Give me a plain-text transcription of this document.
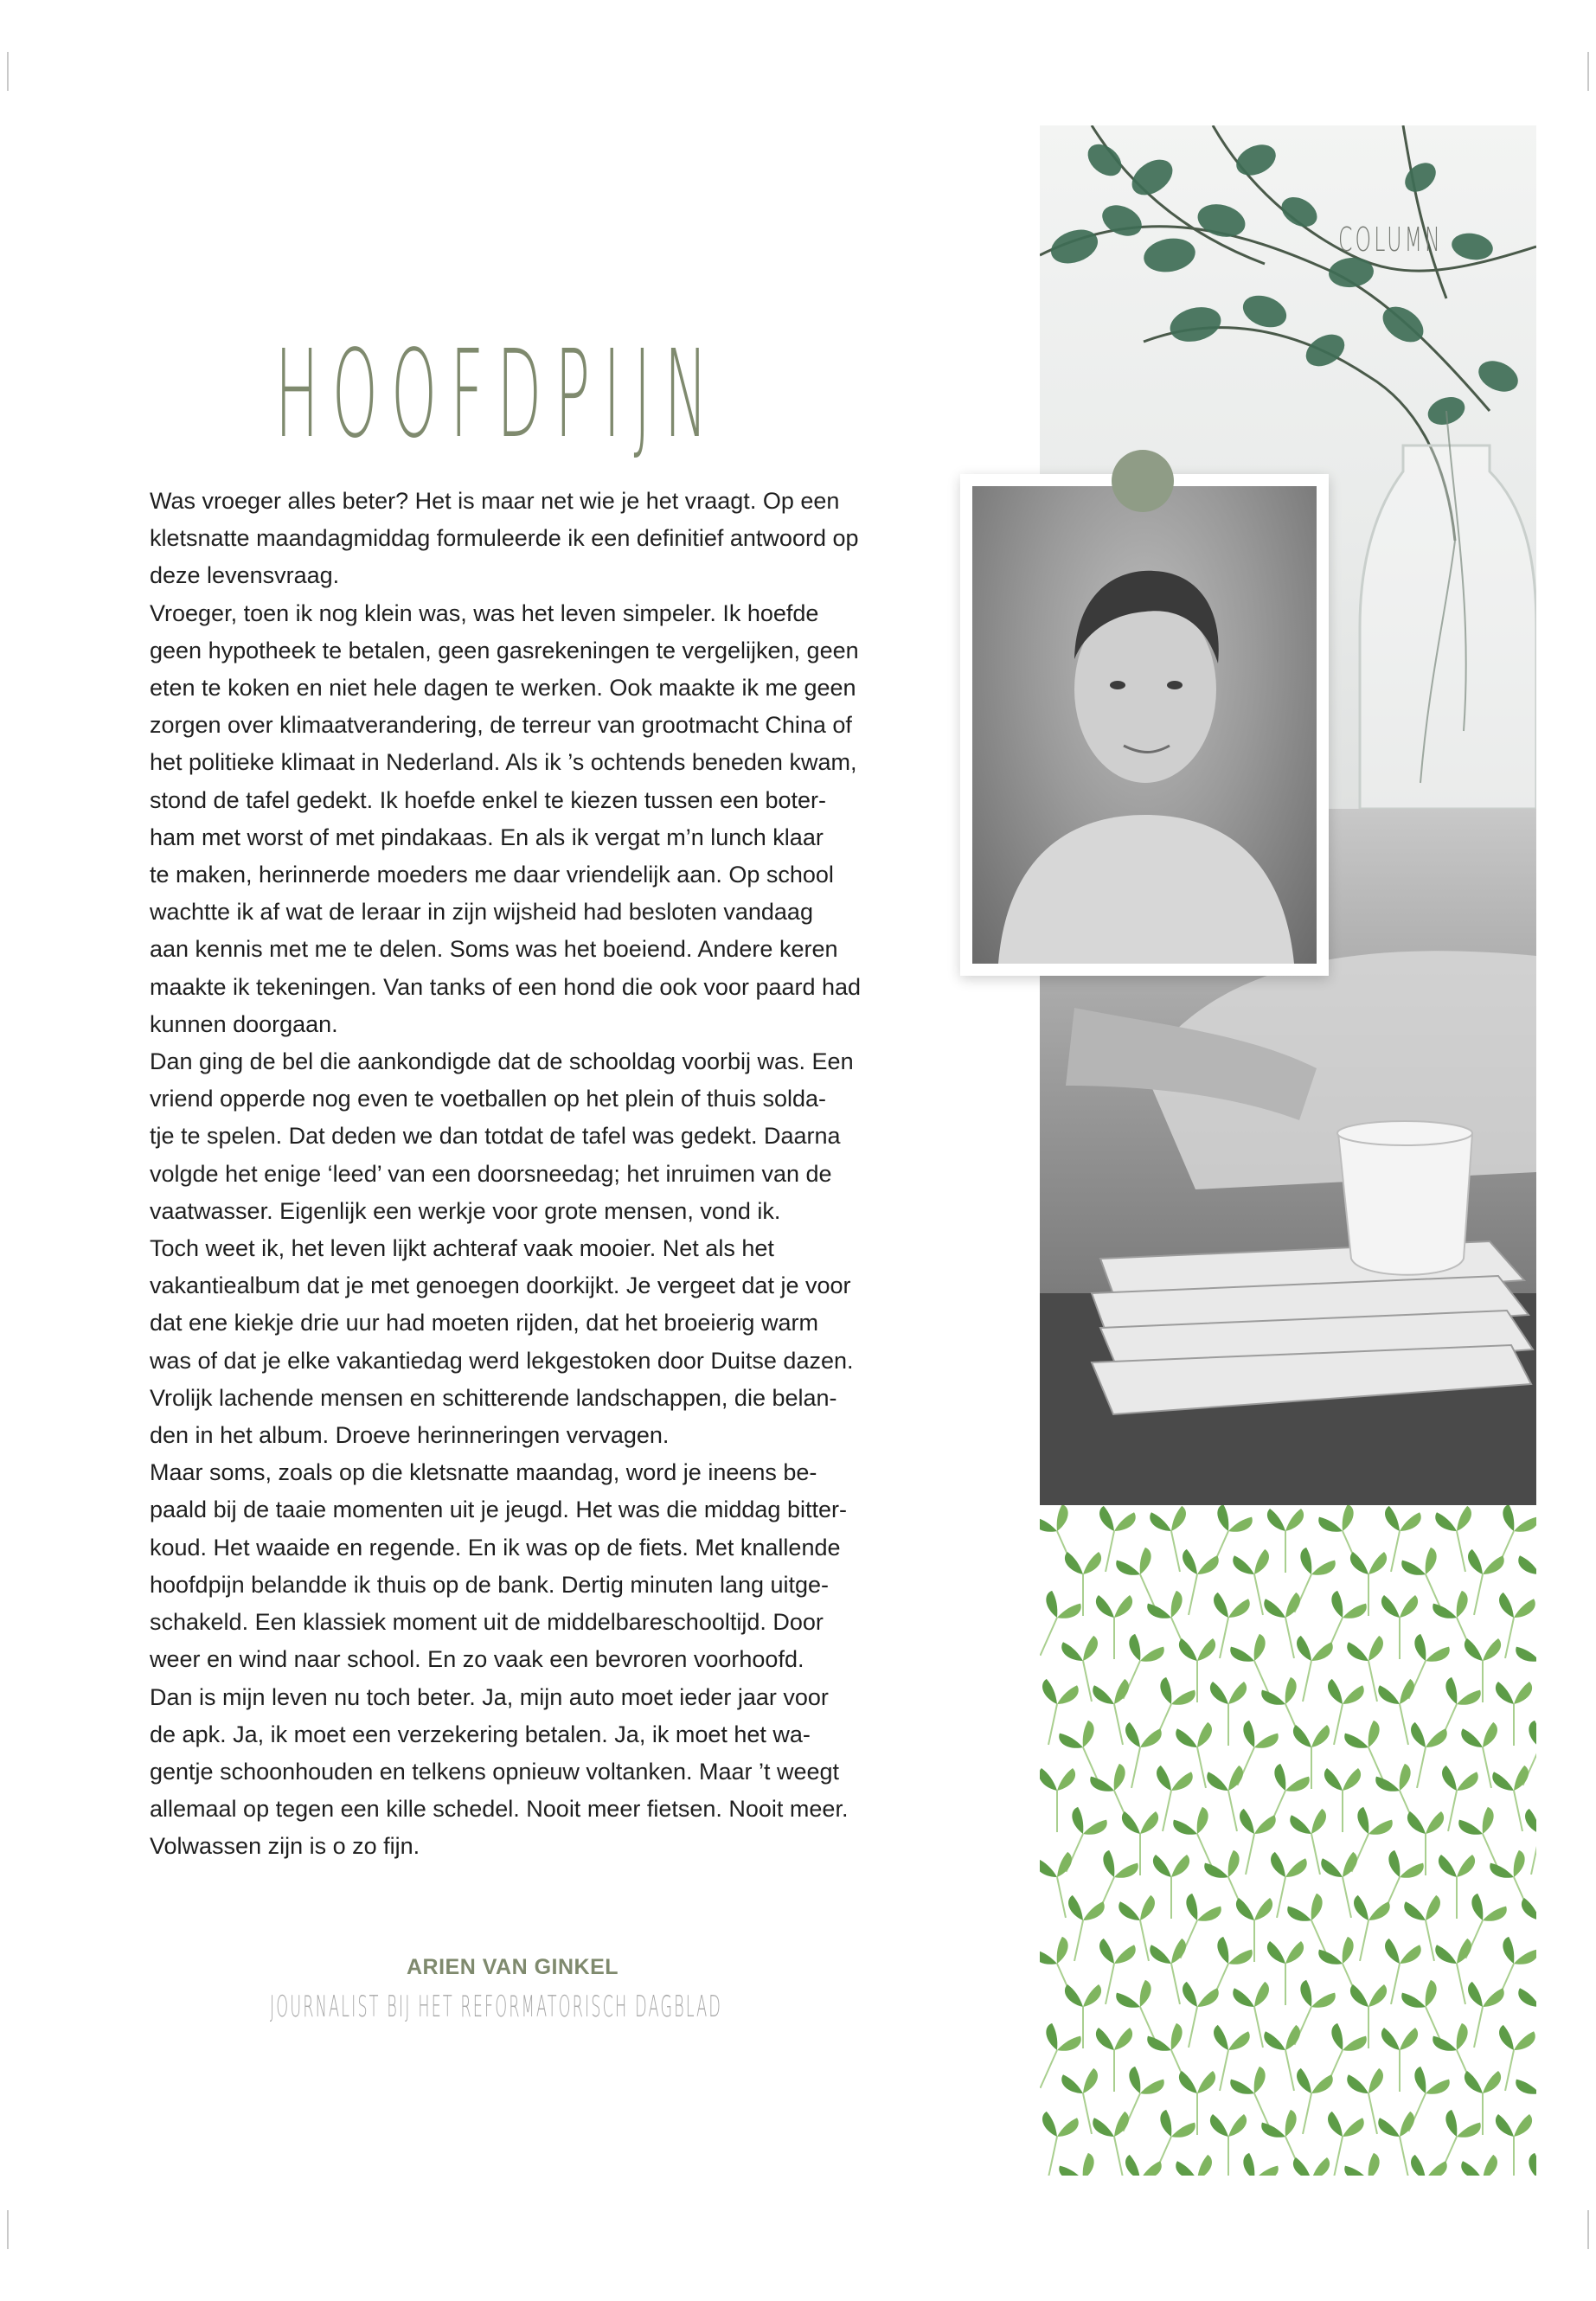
COLUMN
HOOFDPIJN
Was vroeger alles beter? Het is maar net wie je het vraagt. Op een
kletsnatte maandagmiddag formuleerde ik een definitief antwoord op
deze levensvraag.
Vroeger, toen ik nog klein was, was het leven simpeler. Ik hoefde
geen hypotheek te betalen, geen gasrekeningen te vergelijken, geen
eten te koken en niet hele dagen te werken. Ook maakte ik me geen
zorgen over klimaatverandering, de terreur van grootmacht China of
het politieke klimaat in Nederland. Als ik ’s ochtends beneden kwam,
stond de tafel gedekt. Ik hoefde enkel te kiezen tussen een boter-
ham met worst of met pindakaas. En als ik vergat m’n lunch klaar
te maken, herinnerde moeders me daar vriendelijk aan. Op school
wachtte ik af wat de leraar in zijn wijsheid had besloten vandaag
aan kennis met me te delen. Soms was het boeiend. Andere keren
maakte ik tekeningen. Van tanks of een hond die ook voor paard had
kunnen doorgaan.
Dan ging de bel die aankondigde dat de schooldag voorbij was. Een
vriend opperde nog even te voetballen op het plein of thuis solda-
tje te spelen. Dat deden we dan totdat de tafel was gedekt. Daarna
volgde het enige ‘leed’ van een doorsneedag; het inruimen van de
vaatwasser. Eigenlijk een werkje voor grote mensen, vond ik.
Toch weet ik, het leven lijkt achteraf vaak mooier. Net als het
vakantiealbum dat je met genoegen doorkijkt. Je vergeet dat je voor
dat ene kiekje drie uur had moeten rijden, dat het broeierig warm
was of dat je elke vakantiedag werd lekgestoken door Duitse dazen.
Vrolijk lachende mensen en schitterende landschappen, die belan-
den in het album. Droeve herinneringen vervagen.
Maar soms, zoals op die kletsnatte maandag, word je ineens be-
paald bij de taaie momenten uit je jeugd. Het was die middag bitter-
koud. Het waaide en regende. En ik was op de fiets. Met knallende
hoofdpijn belandde ik thuis op de bank. Dertig minuten lang uitge-
schakeld. Een klassiek moment uit de middelbareschooltijd. Door
weer en wind naar school. En zo vaak een bevroren voorhoofd.
Dan is mijn leven nu toch beter. Ja, mijn auto moet ieder jaar voor
de apk. Ja, ik moet een verzekering betalen. Ja, ik moet het wa-
gentje schoonhouden en telkens opnieuw voltanken. Maar ’t weegt
allemaal op tegen een kille schedel. Nooit meer fietsen. Nooit meer.
Volwassen zijn is o zo fijn.
ARIEN VAN GINKEL
JOURNALIST BIJ HET REFORMATORISCH DAGBLAD
